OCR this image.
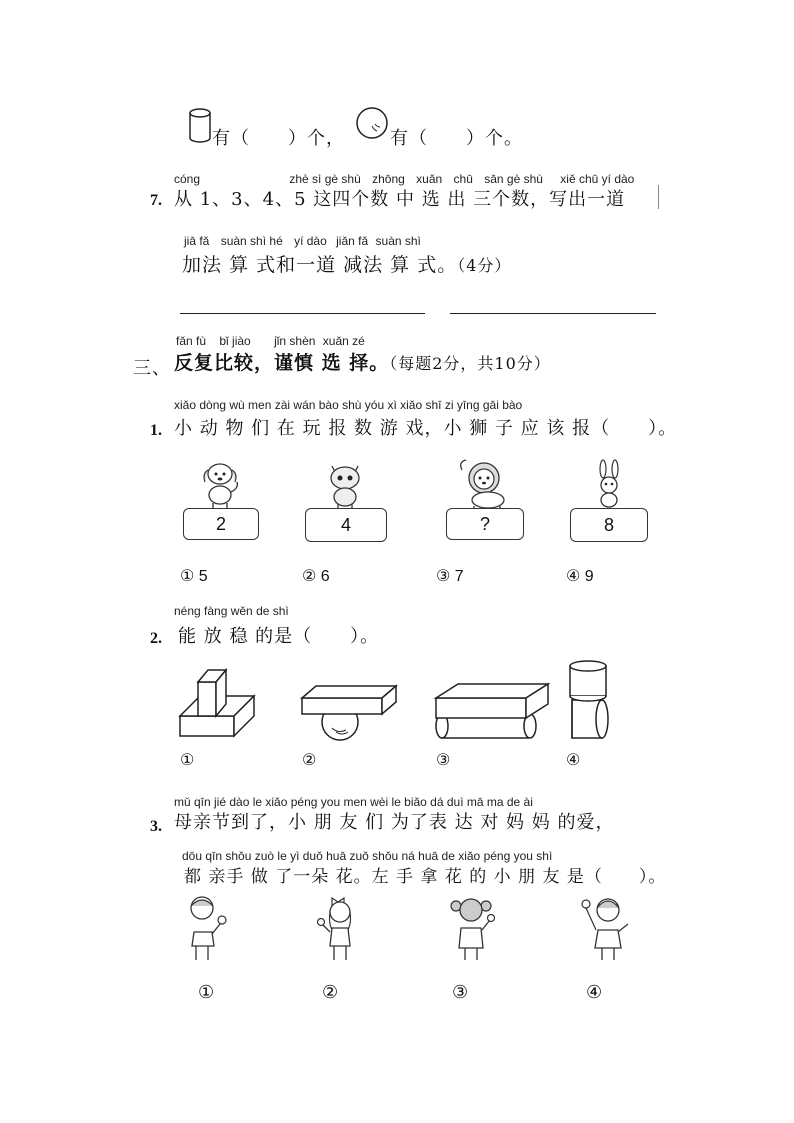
有（　　）个，	有（　　）个。
cóng	zhè sì gè shù zhōng xuǎn chū sān gè shù xiě chū yí dào
7. 从 1、3、4、5 这四个数 中 选 出 三个数，写出一道
jiā fǎ suàn shì hé yí dào jiǎn fǎ suàn shì
加法 算 式和一道 减法 算 式。（4分）
fǎn fù bǐ jiào jǐn shèn xuǎn zé
三、 反复比较，谨慎 选 择。（每题2分，共10分）
xiǎo dòng wù men zài wán bào shù yóu xì xiǎo shī zi yīng gāi bào
1. 小 动 物 们 在 玩 报 数 游 戏，小 狮 子 应 该 报（　　）。
2	4	?	8
① 5	② 6	③ 7	④ 9
néng fàng wěn de shì
2. 能 放 稳 的是（　　）。
①	②	③	④
mǔ qīn jié dào le xiǎo péng you men wèi le biǎo dá duì mā ma de ài
3. 母亲节到了，小 朋 友 们 为了表 达 对 妈 妈 的爱，
dōu qīn shǒu zuò le yì duǒ huā zuǒ shǒu ná huā de xiǎo péng you shì
都 亲手 做 了一朵 花。左 手 拿 花 的 小 朋 友 是（　　）。
①	②	③	④
